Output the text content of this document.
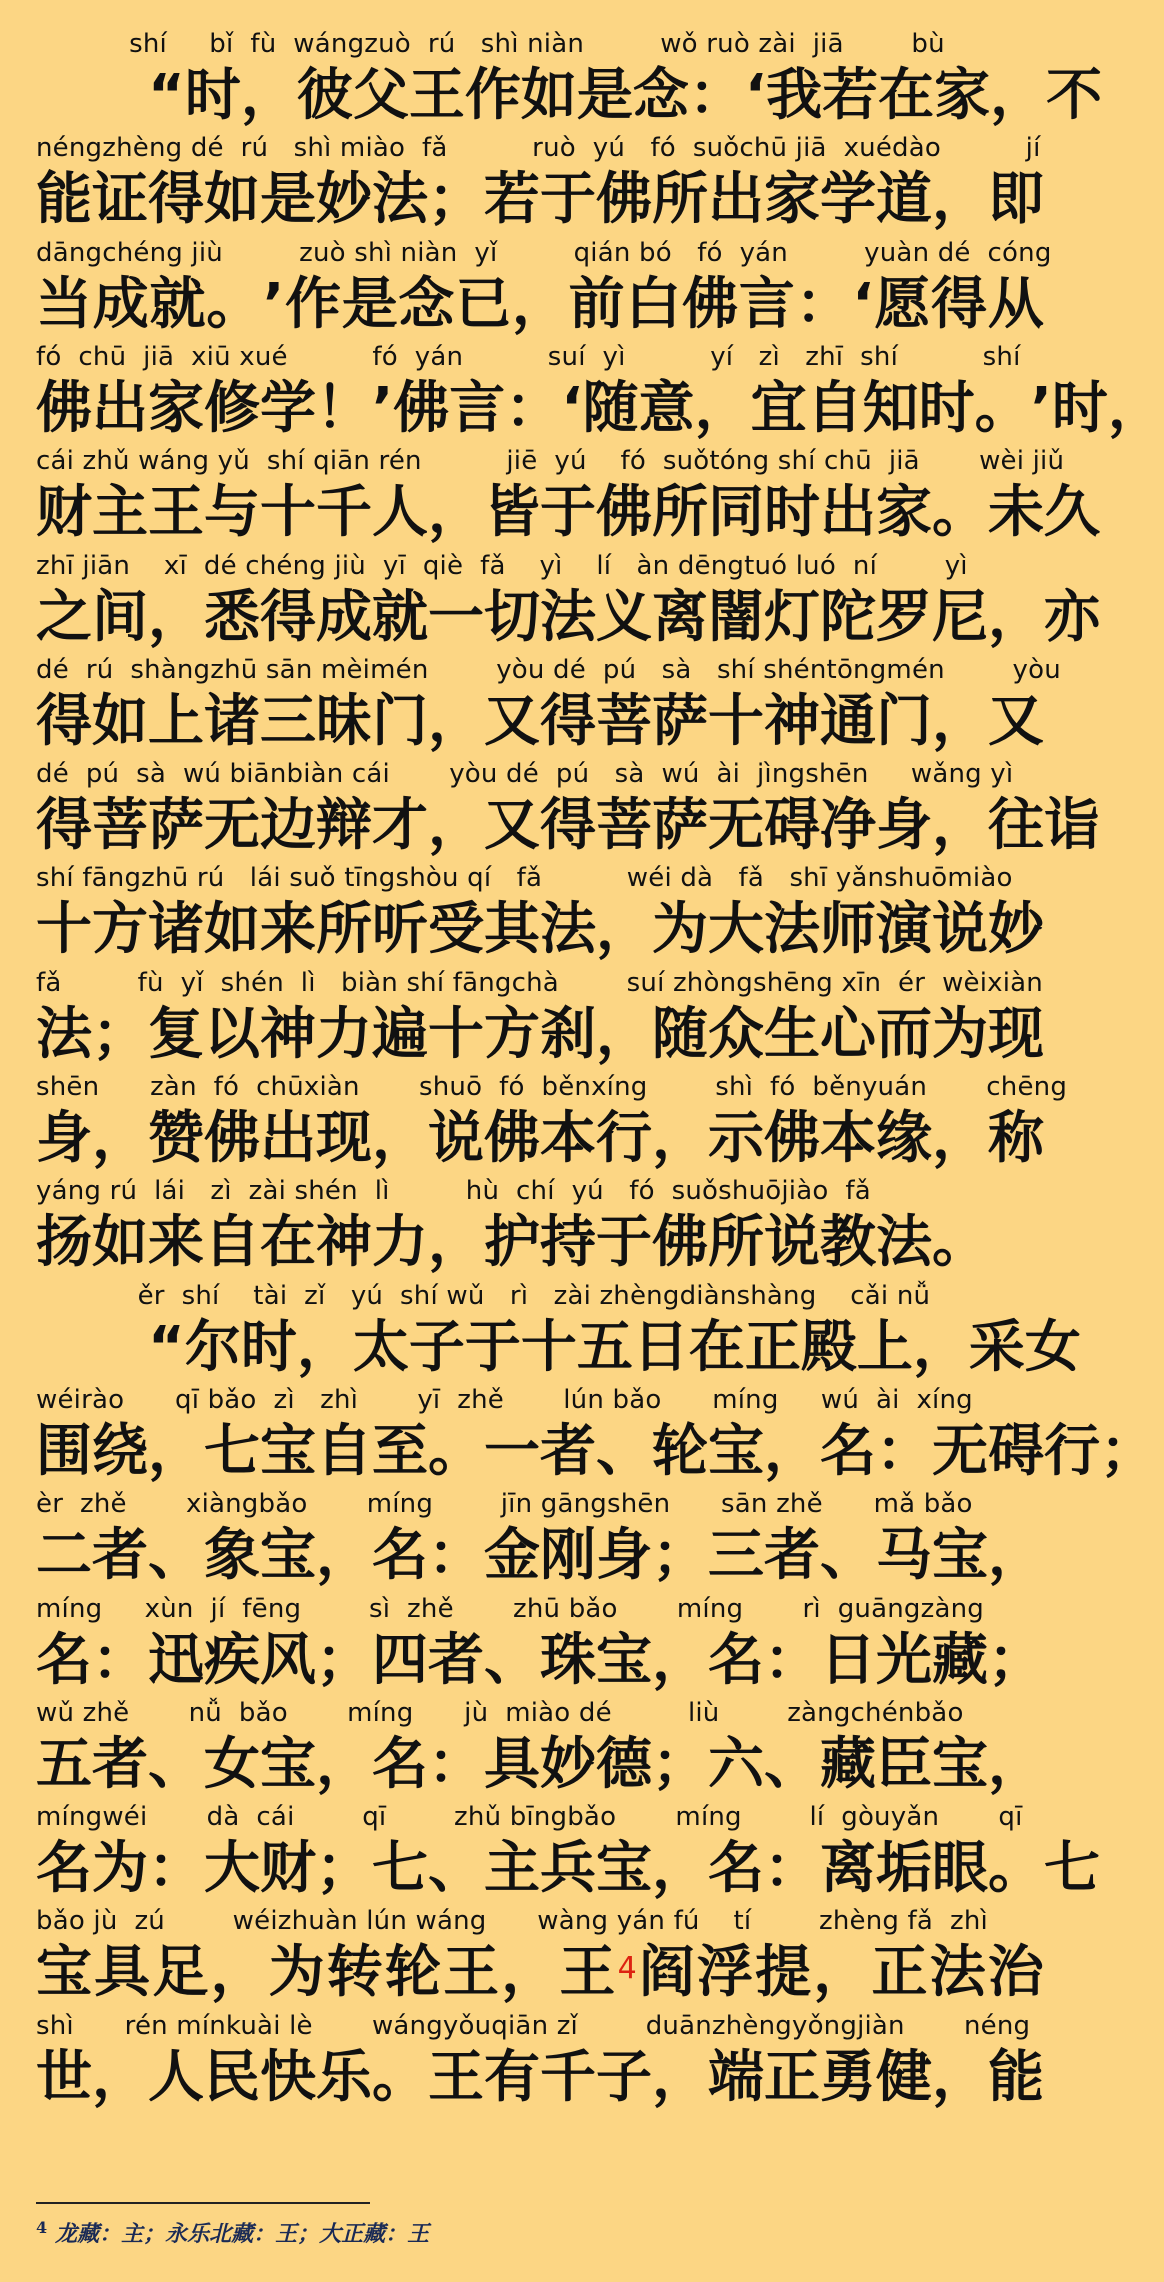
shí     bǐ  fù  wángzuò  rú   shì niàn         wǒ ruò zài  jiā        bù
“ 时 ， 彼 父 王 作 如 是 念 ： ‘ 我 若 在 家 ， 不
néngzhèng dé  rú   shì miào  fǎ          ruò  yú   fó  suǒchū jiā  xuédào          jí
能 证 得 如 是 妙 法 ； 若 于 佛 所 出 家 学 道 ， 即
dāngchéng jiù         zuò shì niàn  yǐ         qián bó   fó  yán         yuàn dé  cóng
当 成 就 。 ’ 作 是 念 已 ， 前 白 佛 言 ： ‘ 愿 得 从
fó  chū  jiā  xiū xué          fó  yán          suí  yì          yí   zì   zhī  shí          shí
佛 出 家 修 学 ！ ’ 佛 言 ： ‘ 随 意 ， 宜 自 知 时 。 ’ 时 ，
cái zhǔ wáng yǔ  shí qiān rén          jiē  yú    fó  suǒtóng shí chū  jiā       wèi jiǔ
财 主 王 与 十 千 人 ， 皆 于 佛 所 同 时 出 家 。 未 久
zhī jiān    xī  dé chéng jiù  yī  qiè  fǎ    yì    lí   àn dēngtuó luó  ní        yì
之 间 ， 悉 得 成 就 一 切 法 义 离 闇 灯 陀 罗 尼 ， 亦
dé  rú  shàngzhū sān mèimén        yòu dé  pú   sà   shí shéntōngmén        yòu
得 如 上 诸 三 昧 门 ， 又 得 菩 萨 十 神 通 门 ， 又
dé  pú  sà  wú biānbiàn cái       yòu dé  pú   sà  wú  ài  jìngshēn     wǎng yì
得 菩 萨 无 边 辩 才 ， 又 得 菩 萨 无 碍 净 身 ， 往 诣
shí fāngzhū rú   lái suǒ tīngshòu qí   fǎ          wéi dà   fǎ   shī yǎnshuōmiào
十 方 诸 如 来 所 听 受 其 法 ， 为 大 法 师 演 说 妙
fǎ         fù  yǐ  shén  lì   biàn shí fāngchà        suí zhòngshēng xīn  ér  wèixiàn
法 ； 复 以 神 力 遍 十 方 刹 ， 随 众 生 心 而 为 现
shēn      zàn  fó  chūxiàn       shuō  fó  běnxíng        shì  fó  běnyuán       chēng
身 ， 赞 佛 出 现 ， 说 佛 本 行 ， 示 佛 本 缘 ， 称
yáng rú  lái   zì  zài shén  lì         hù  chí  yú   fó  suǒshuōjiào  fǎ
扬 如 来 自 在 神 力 ， 护 持 于 佛 所 说 教 法 。
ěr  shí    tài  zǐ   yú  shí wǔ   rì   zài zhèngdiànshàng    cǎi nǚ
“ 尔 时 ， 太 子 于 十 五 日 在 正 殿 上 ， 采 女
wéirào      qī bǎo  zì   zhì       yī  zhě       lún bǎo      míng     wú  ài  xíng
围 绕 ， 七 宝 自 至 。 一 者 、 轮 宝 ， 名 ： 无 碍 行 ；
èr  zhě       xiàngbǎo       míng        jīn gāngshēn      sān zhě      mǎ bǎo
二 者 、 象 宝 ， 名 ： 金 刚 身 ； 三 者 、 马 宝 ，
míng     xùn  jí  fēng        sì  zhě       zhū bǎo       míng       rì  guāngzàng
名 ： 迅 疾 风 ； 四 者 、 珠 宝 ， 名 ： 日 光 藏 ；
wǔ zhě       nǚ  bǎo       míng      jù  miào dé         liù        zàngchénbǎo
五 者 、 女 宝 ， 名 ： 具 妙 德 ； 六 、 藏 臣 宝 ，
míngwéi       dà  cái        qī        zhǔ bīngbǎo       míng        lí  gòuyǎn       qī
名 为 ： 大 财 ； 七 、 主 兵 宝 ， 名 ： 离 垢 眼 。 七
bǎo jù  zú        wéizhuàn lún wáng      wàng yán fú    tí        zhèng fǎ  zhì
宝 具 足 ， 为 转 轮 王 ， 王 4 阎 浮 提 ， 正 法 治
shì      rén mínkuài lè       wángyǒuqiān zǐ        duānzhèngyǒngjiàn       néng
世 ， 人 民 快 乐 。 王 有 千 子 ， 端 正 勇 健 ， 能
$^4$ 龙藏：主；永乐北藏：王；大正藏：王
